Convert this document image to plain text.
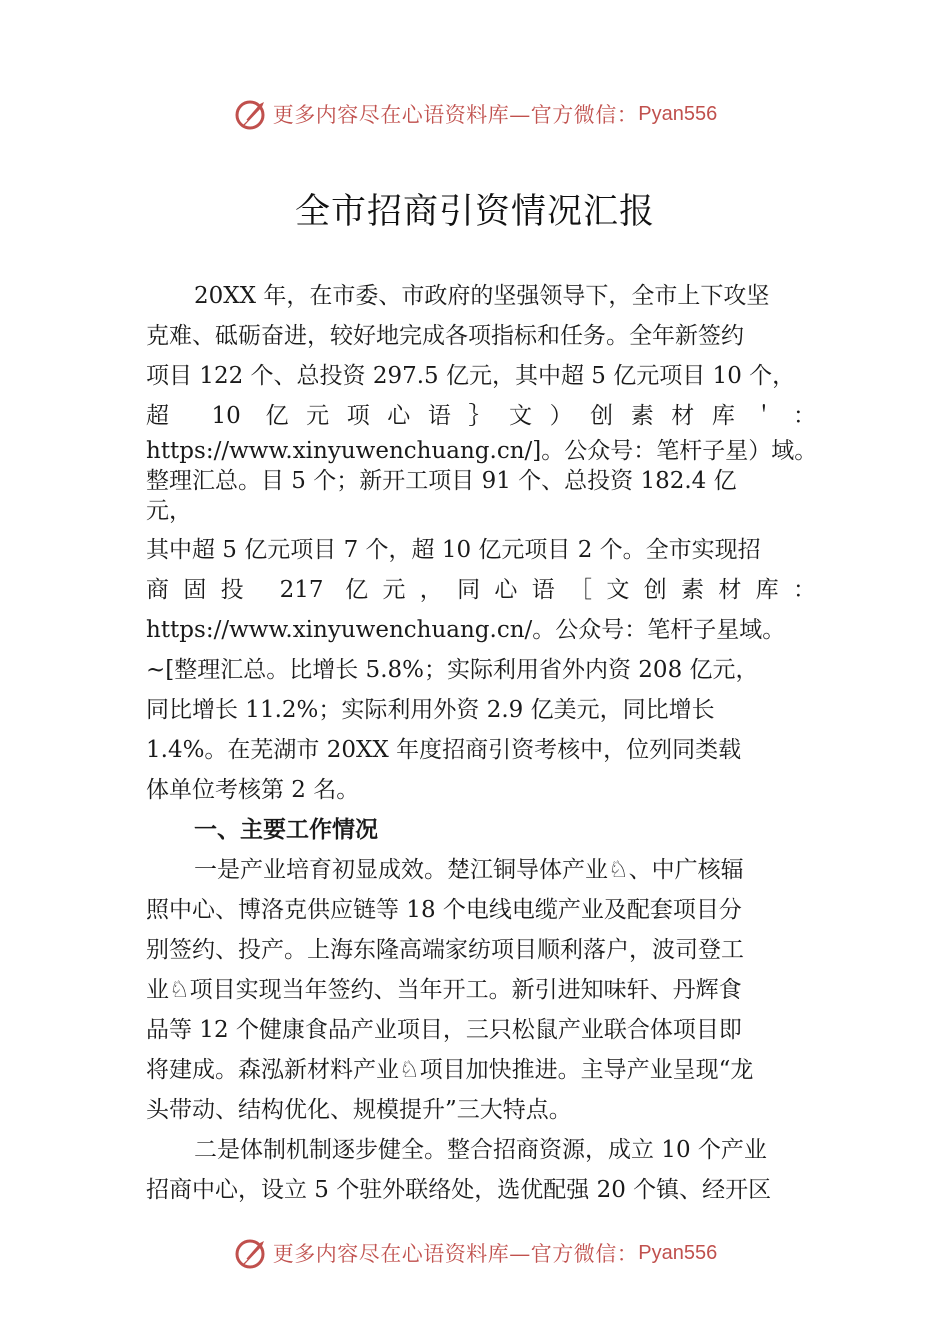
更多内容尽在心语资料库—官方微信： Pyan556
全市招商引资情况汇报
20XX 年，在市委、市政府的坚强领导下，全市上下攻坚
克难、砥砺奋进，较好地完成各项指标和任务。全年新签约
项目 122 个、总投资 297.5 亿元，其中超 5 亿元项目 10 个，
超 10 亿元项心语｝文）创素材库＇：
https://www.xinyuwenchuang.cn/]。公众号：笔杆子星）域。
整理汇总。目 5 个；新开工项目 91 个、总投资 182.4 亿
元，
其中超 5 亿元项目 7 个，超 10 亿元项目 2 个。全市实现招
商固投 217 亿元，同心语［文创素材库：
https://www.xinyuwenchuang.cn/。公众号：笔杆子星域。
~[整理汇总。比增长 5.8%；实际利用省外内资 208 亿元，
同比增长 11.2%；实际利用外资 2.9 亿美元，同比增长
1.4%。在芜湖市 20XX 年度招商引资考核中，位列同类载
体单位考核第 2 名。
一、主要工作情况
一是产业培育初显成效。楚江铜导体产业♘、中广核辐
照中心、博洛克供应链等 18 个电线电缆产业及配套项目分
别签约、投产。上海东隆高端家纺项目顺利落户，波司登工
业♘项目实现当年签约、当年开工。新引进知味轩、丹辉食
品等 12 个健康食品产业项目，三只松鼠产业联合体项目即
将建成。森泓新材料产业♘项目加快推进。主导产业呈现“龙
头带动、结构优化、规模提升”三大特点。
二是体制机制逐步健全。整合招商资源，成立 10 个产业
招商中心，设立 5 个驻外联络处，选优配强 20 个镇、经开区
更多内容尽在心语资料库—官方微信： Pyan556
